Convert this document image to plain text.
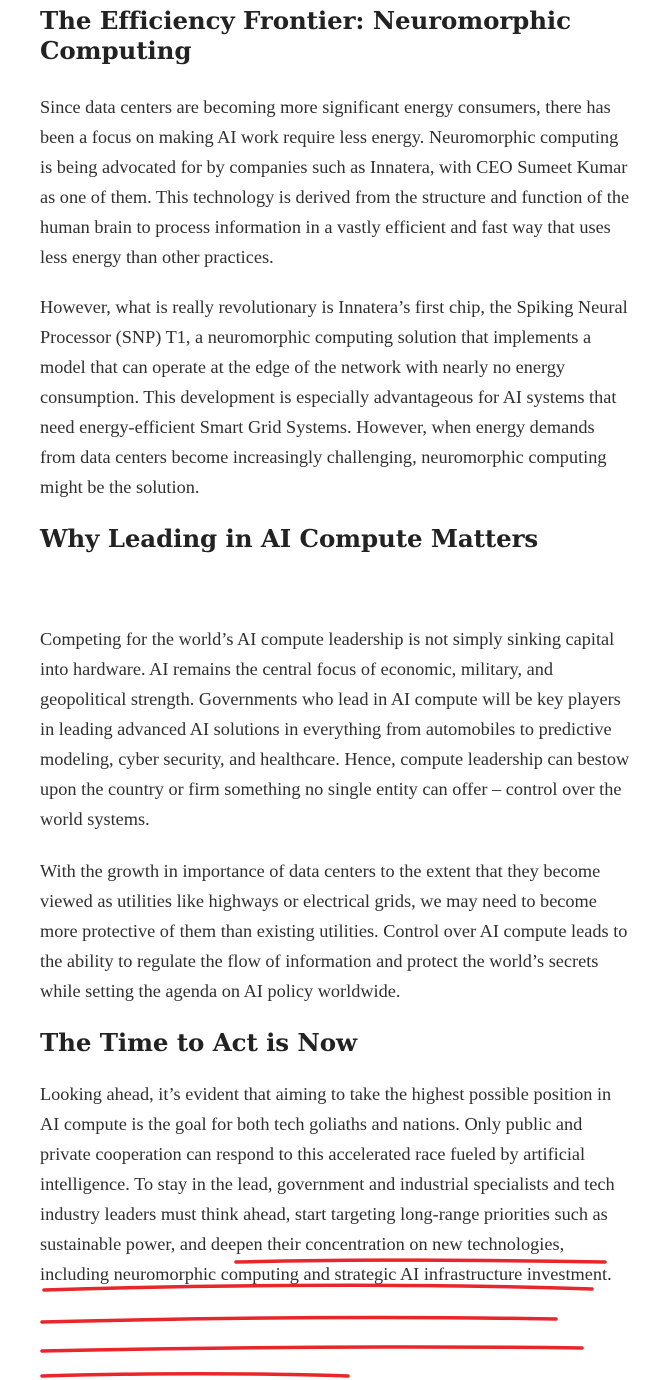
The Efficiency Frontier: Neuromorphic Computing

Since data centers are becoming more significant energy consumers, there has been a focus on making AI work require less energy. Neuromorphic computing is being advocated for by companies such as Innatera, with CEO Sumeet Kumar as one of them. This technology is derived from the structure and function of the human brain to process information in a vastly efficient and fast way that uses less energy than other practices.

However, what is really revolutionary is Innatera’s first chip, the Spiking Neural Processor (SNP) T1, a neuromorphic computing solution that implements a model that can operate at the edge of the network with nearly no energy consumption. This development is especially advantageous for AI systems that need energy-efficient Smart Grid Systems. However, when energy demands from data centers become increasingly challenging, neuromorphic computing might be the solution.

Why Leading in AI Compute Matters

Competing for the world’s AI compute leadership is not simply sinking capital into hardware. AI remains the central focus of economic, military, and geopolitical strength. Governments who lead in AI compute will be key players in leading advanced AI solutions in everything from automobiles to predictive modeling, cyber security, and healthcare. Hence, compute leadership can bestow upon the country or firm something no single entity can offer – control over the world systems.

With the growth in importance of data centers to the extent that they become viewed as utilities like highways or electrical grids, we may need to become more protective of them than existing utilities. Control over AI compute leads to the ability to regulate the flow of information and protect the world’s secrets while setting the agenda on AI policy worldwide.

The Time to Act is Now

Looking ahead, it’s evident that aiming to take the highest possible position in AI compute is the goal for both tech goliaths and nations. Only public and private cooperation can respond to this accelerated race fueled by artificial intelligence. To stay in the lead, government and industrial specialists and tech industry leaders must think ahead, start targeting long-range priorities such as sustainable power, and deepen their concentration on new technologies, including neuromorphic computing and strategic AI infrastructure investment.
